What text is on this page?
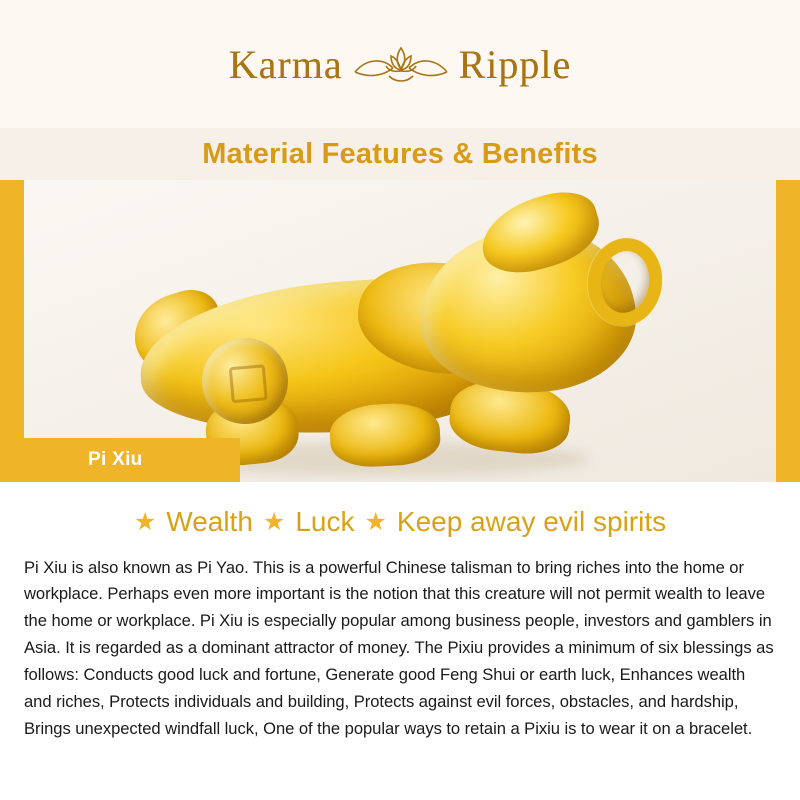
Karma	Ripple
Material Features & Benefits
Pi Xiu
★ Wealth ★ Luck ★ Keep away evil spirits

Pi Xiu is also known as Pi Yao. This is a powerful Chinese talisman to bring riches into the home or workplace. Perhaps even more important is the notion that this creature will not permit wealth to leave the home or workplace. Pi Xiu is especially popular among business people, investors and gamblers in Asia. It is regarded as a dominant attractor of money. The Pixiu provides a minimum of six blessings as follows: Conducts good luck and fortune, Generate good Feng Shui or earth luck, Enhances wealth and riches, Protects individuals and building, Protects against evil forces, obstacles, and hardship, Brings unexpected windfall luck, One of the popular ways to retain a Pixiu is to wear it on a bracelet.
